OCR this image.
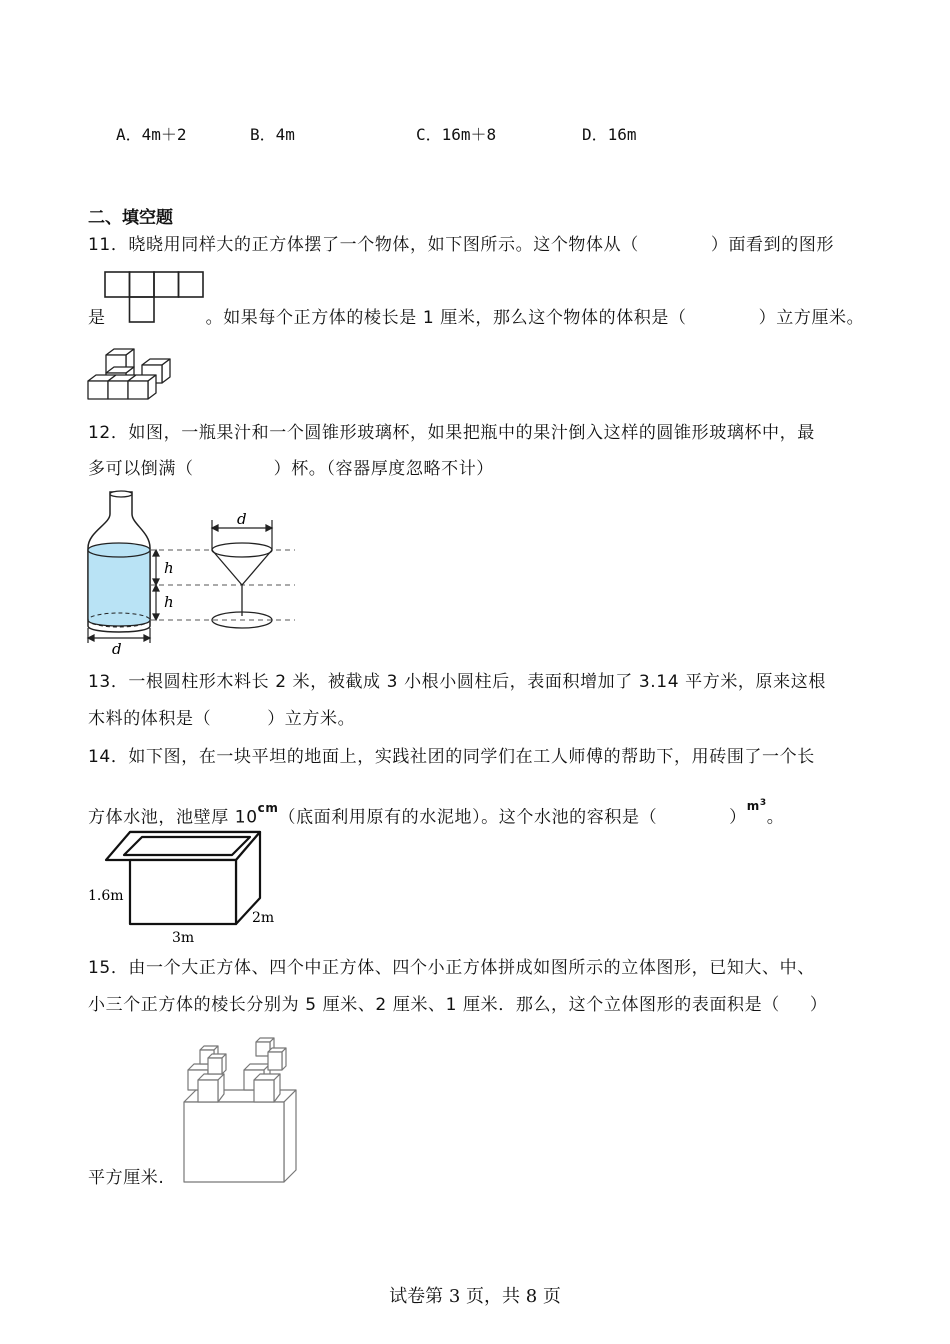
A．4m＋2	B．4m	C．16m＋8	D．16m
二、填空题
11．晓晓用同样大的正方体摆了一个物体，如下图所示。这个物体从（	）面看到的图形
是	。如果每个正方体的棱长是 1 厘米，那么这个物体的体积是（	）立方厘米。
12．如图，一瓶果汁和一个圆锥形玻璃杯，如果把瓶中的果汁倒入这样的圆锥形玻璃杯中，最
多可以倒满（	）杯。（容器厚度忽略不计）
h
h
d
d
13．一根圆柱形木料长 2 米，被截成 3 小根小圆柱后，表面积增加了 3.14 平方米，原来这根
木料的体积是（	）立方米。
14．如下图，在一块平坦的地面上，实践社团的同学们在工人师傅的帮助下，用砖围了一个长
方体水池，池壁厚 $10^{cm}$（底面利用原有的水泥地）。这个水池的容积是（	）$^{m^3}$。
1.6m
3m
2m
15．由一个大正方体、四个中正方体、四个小正方体拼成如图所示的立体图形，已知大、中、
小三个正方体的棱长分别为 5 厘米、2 厘米、1 厘米．那么，这个立体图形的表面积是（ ）
平方厘米.
试卷第 3 页，共 8 页
